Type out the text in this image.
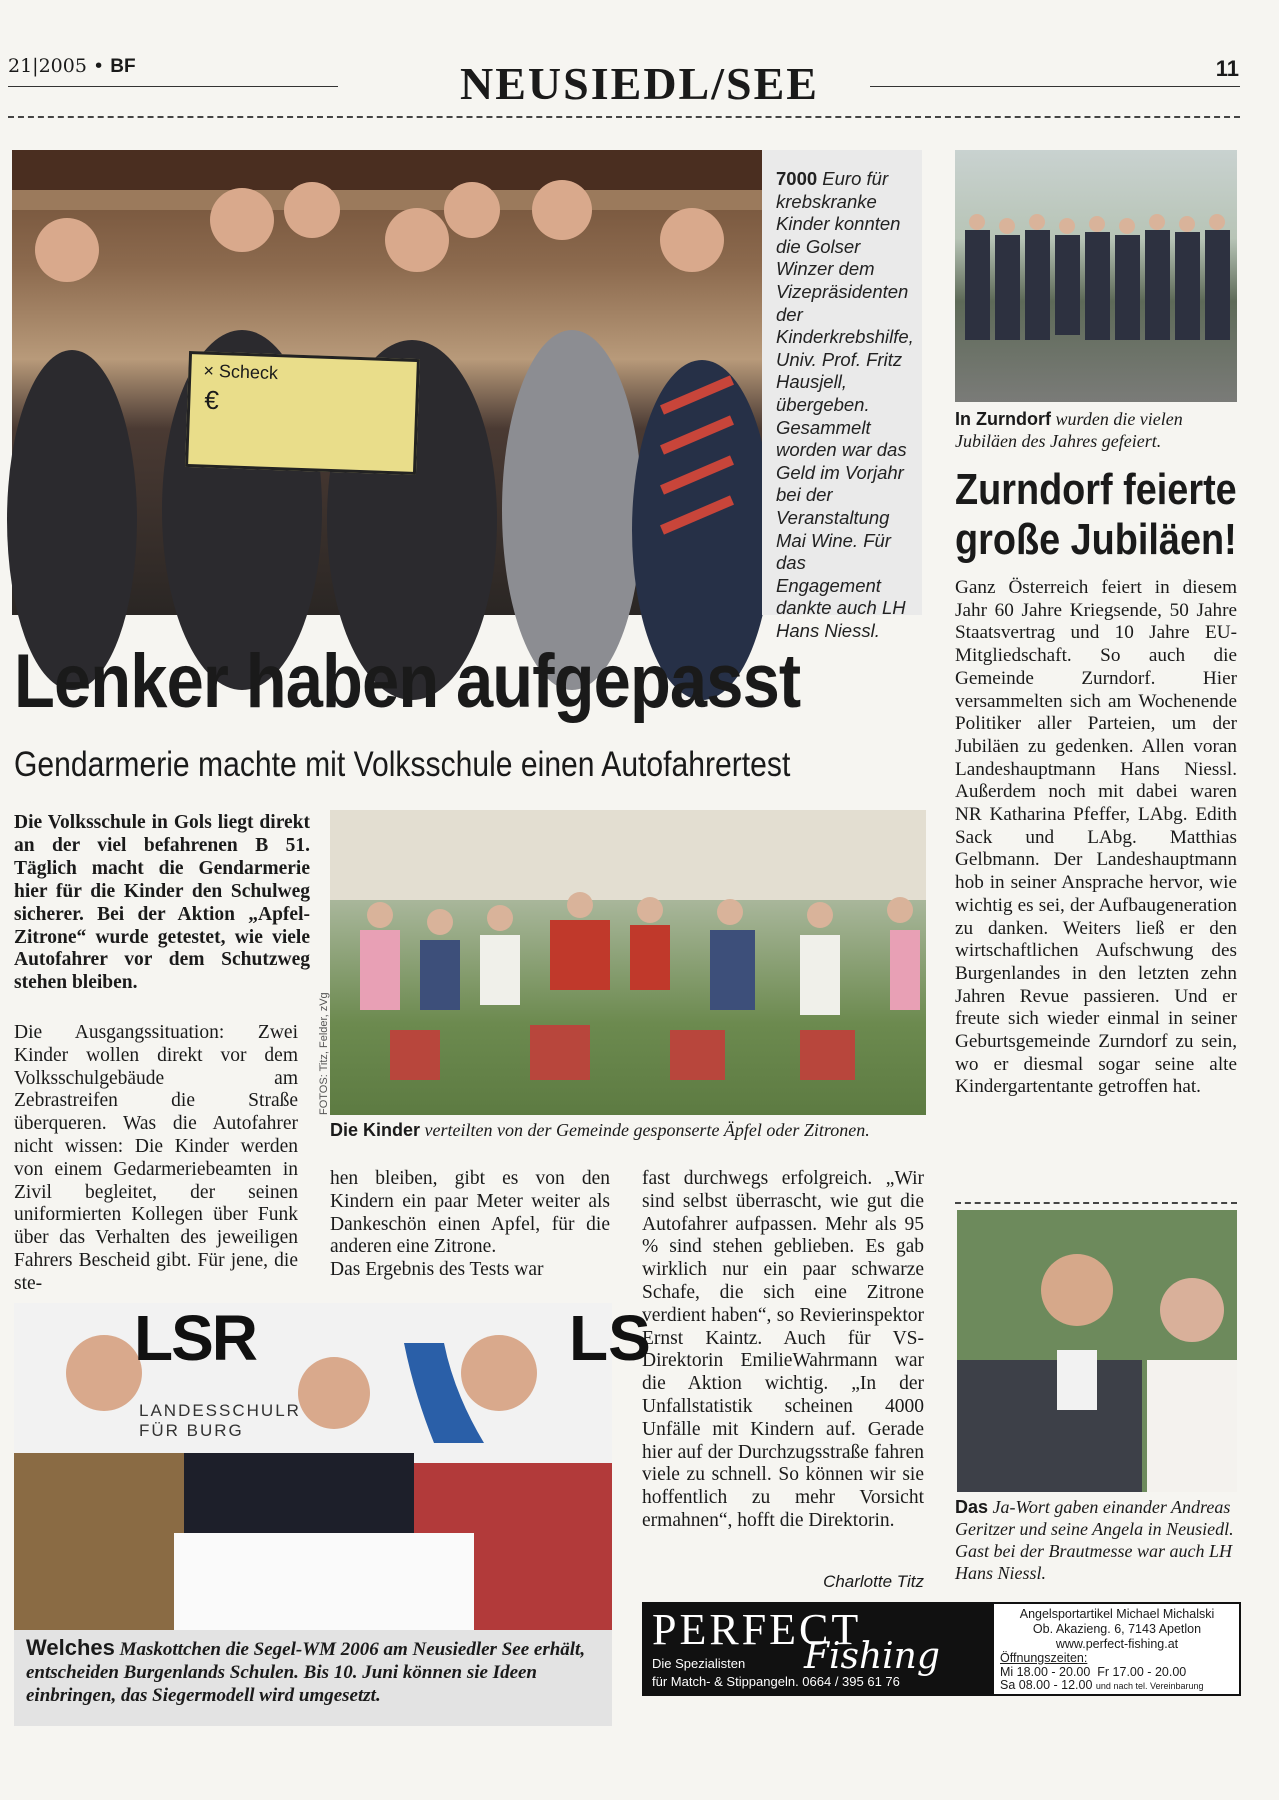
21|2005 • BF	NEUSIEDL/SEE	11
× Scheck
€
7000 Euro für krebskranke Kinder konnten die Golser Winzer dem Vizepräsidenten der Kinderkrebshilfe, Univ. Prof. Fritz Hausjell, übergeben. Gesammelt worden war das Geld im Vorjahr bei der Veranstaltung Mai Wine. Für das Engagement dankte auch LH Hans Niessl.
In Zurndorf wurden die vielen Jubiläen des Jahres gefeiert.
Zurndorf feierte
große Jubiläen!
Ganz Österreich feiert in diesem Jahr 60 Jahre Kriegsende, 50 Jahre Staatsvertrag und 10 Jahre EU-Mitgliedschaft. So auch die Gemeinde Zurndorf. Hier versammelten sich am Wochenende Politiker aller Parteien, um der Jubiläen zu gedenken. Allen voran Landeshauptmann Hans Niessl. Außerdem noch mit dabei waren NR Katharina Pfeffer, LAbg. Edith Sack und LAbg. Matthias Gelbmann. Der Landeshauptmann hob in seiner Ansprache hervor, wie wichtig es sei, der Aufbaugeneration zu danken. Weiters ließ er den wirtschaftlichen Aufschwung des Burgenlandes in den letzten zehn Jahren Revue passieren. Und er freute sich wieder einmal in seiner Geburtsgemeinde Zurndorf zu sein, wo er diesmal sogar seine alte Kindergartentante getroffen hat.
Lenker haben aufgepasst
Gendarmerie machte mit Volksschule einen Autofahrertest
Die Volksschule in Gols liegt direkt an der viel befahrenen B 51. Täglich macht die Gendarmerie hier für die Kinder den Schulweg sicherer. Bei der Aktion „Apfel-Zitrone“ wurde getestet, wie viele Autofahrer vor dem Schutzweg stehen bleiben.
FOTOS: Titz, Felder, zVg
Die Kinder verteilten von der Gemeinde gesponserte Äpfel oder Zitronen.
Die Ausgangssituation: Zwei Kinder wollen direkt vor dem Volksschulgebäude am Zebrastreifen die Straße überqueren. Was die Autofahrer nicht wissen: Die Kinder werden von einem Gedarmeriebeamten in Zivil begleitet, der seinen uniformierten Kollegen über Funk über das Verhalten des jeweiligen Fahrers Bescheid gibt. Für jene, die ste-
hen bleiben, gibt es von den Kindern ein paar Meter weiter als Dankeschön einen Apfel, für die anderen eine Zitrone.
Das Ergebnis des Tests war
fast durchwegs erfolgreich. „Wir sind selbst überrascht, wie gut die Autofahrer aufpassen. Mehr als 95 % sind stehen geblieben. Es gab wirklich nur ein paar schwarze Schafe, die sich eine Zitrone verdient haben“, so Revierinspektor Ernst Kaintz. Auch für VS-Direktorin EmilieWahrmann war die Aktion wichtig. „In der Unfallstatistik scheinen 4000 Unfälle mit Kindern auf. Gerade hier auf der Durchzugsstraße fahren viele zu schnell. So können wir sie hoffentlich zu mehr Vorsicht ermahnen“, hofft die Direktorin.
Charlotte Titz
LSR
LANDESSCHULR
FÜR BURG
LS
Welches Maskottchen die Segel-WM 2006 am Neusiedler See erhält, entscheiden Burgenlands Schulen. Bis 10. Juni können sie Ideen einbringen, das Siegermodell wird umgesetzt.
Das Ja-Wort gaben einander Andreas Geritzer und seine Angela in Neusiedl. Gast bei der Brautmesse war auch LH Hans Niessl.
PERFECT
Fishing
Die Spezialisten
für Match- & Stippangeln. 0664 / 395 61 76
Angelsportartikel Michael Michalski
Ob. Akazieng. 6, 7143 Apetlon
www.perfect-fishing.at
Öffnungszeiten:
Mi 18.00 - 20.00  Fr 17.00 - 20.00
Sa 08.00 - 12.00 und nach tel. Vereinbarung
